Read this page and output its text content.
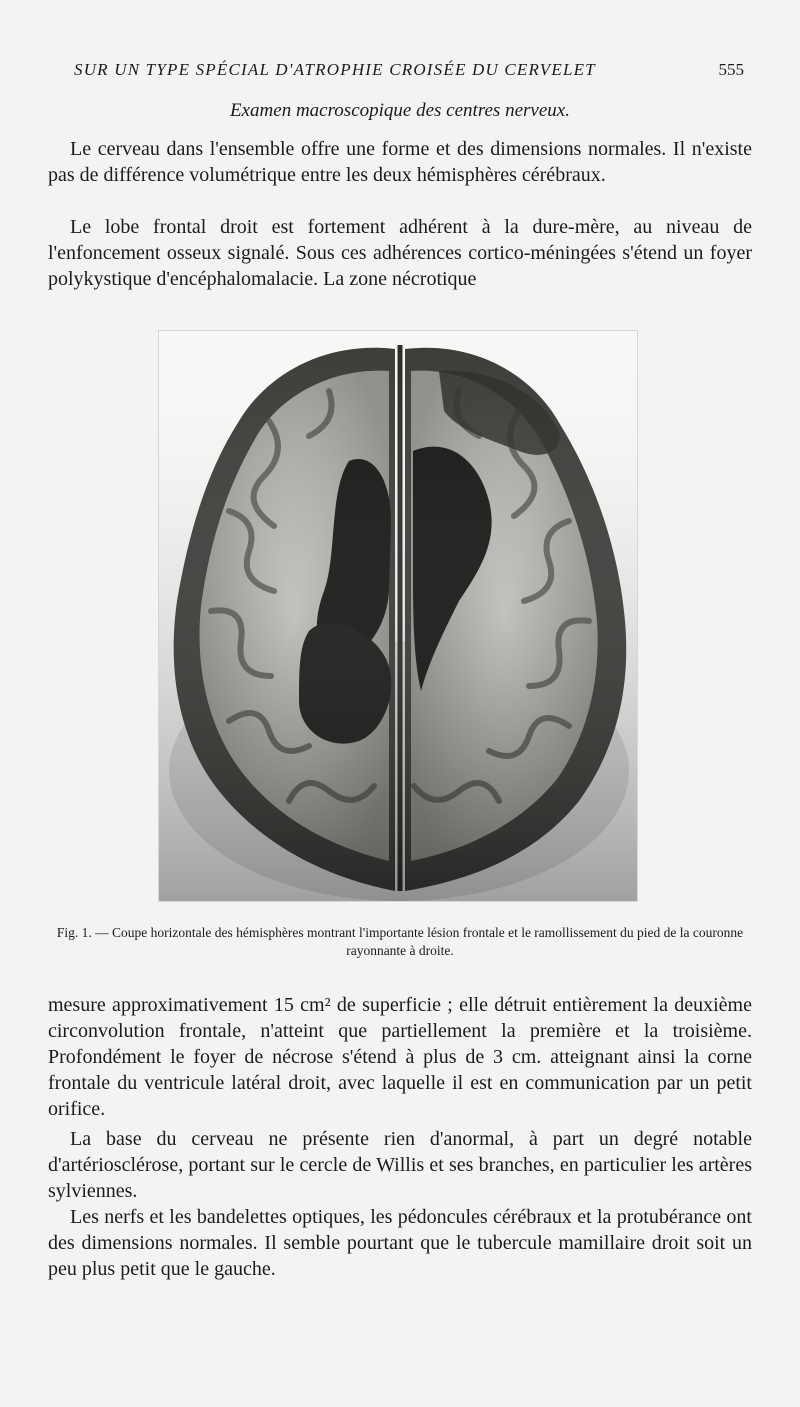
SUR UN TYPE SPÉCIAL D'ATROPHIE CROISÉE DU CERVELET	555
Examen macroscopique des centres nerveux.

Le cerveau dans l'ensemble offre une forme et des dimensions normales. Il n'existe pas de différence volumétrique entre les deux hémisphères cérébraux.

Le lobe frontal droit est fortement adhérent à la dure-mère, au niveau de l'enfoncement osseux signalé. Sous ces adhérences cortico-méningées s'étend un foyer polykystique d'encéphalomalacie. La zone nécrotique

Fig. 1. — Coupe horizontale des hémisphères montrant l'importante lésion frontale et le ramollissement du pied de la couronne rayonnante à droite.

mesure approximativement 15 cm² de superficie ; elle détruit entièrement la deuxième circonvolution frontale, n'atteint que partiellement la première et la troisième. Profondément le foyer de nécrose s'étend à plus de 3 cm. atteignant ainsi la corne frontale du ventricule latéral droit, avec laquelle il est en communication par un petit orifice.

La base du cerveau ne présente rien d'anormal, à part un degré notable d'artériosclérose, portant sur le cercle de Willis et ses branches, en particulier les artères sylviennes.

Les nerfs et les bandelettes optiques, les pédoncules cérébraux et la protubérance ont des dimensions normales. Il semble pourtant que le tubercule mamillaire droit soit un peu plus petit que le gauche.
